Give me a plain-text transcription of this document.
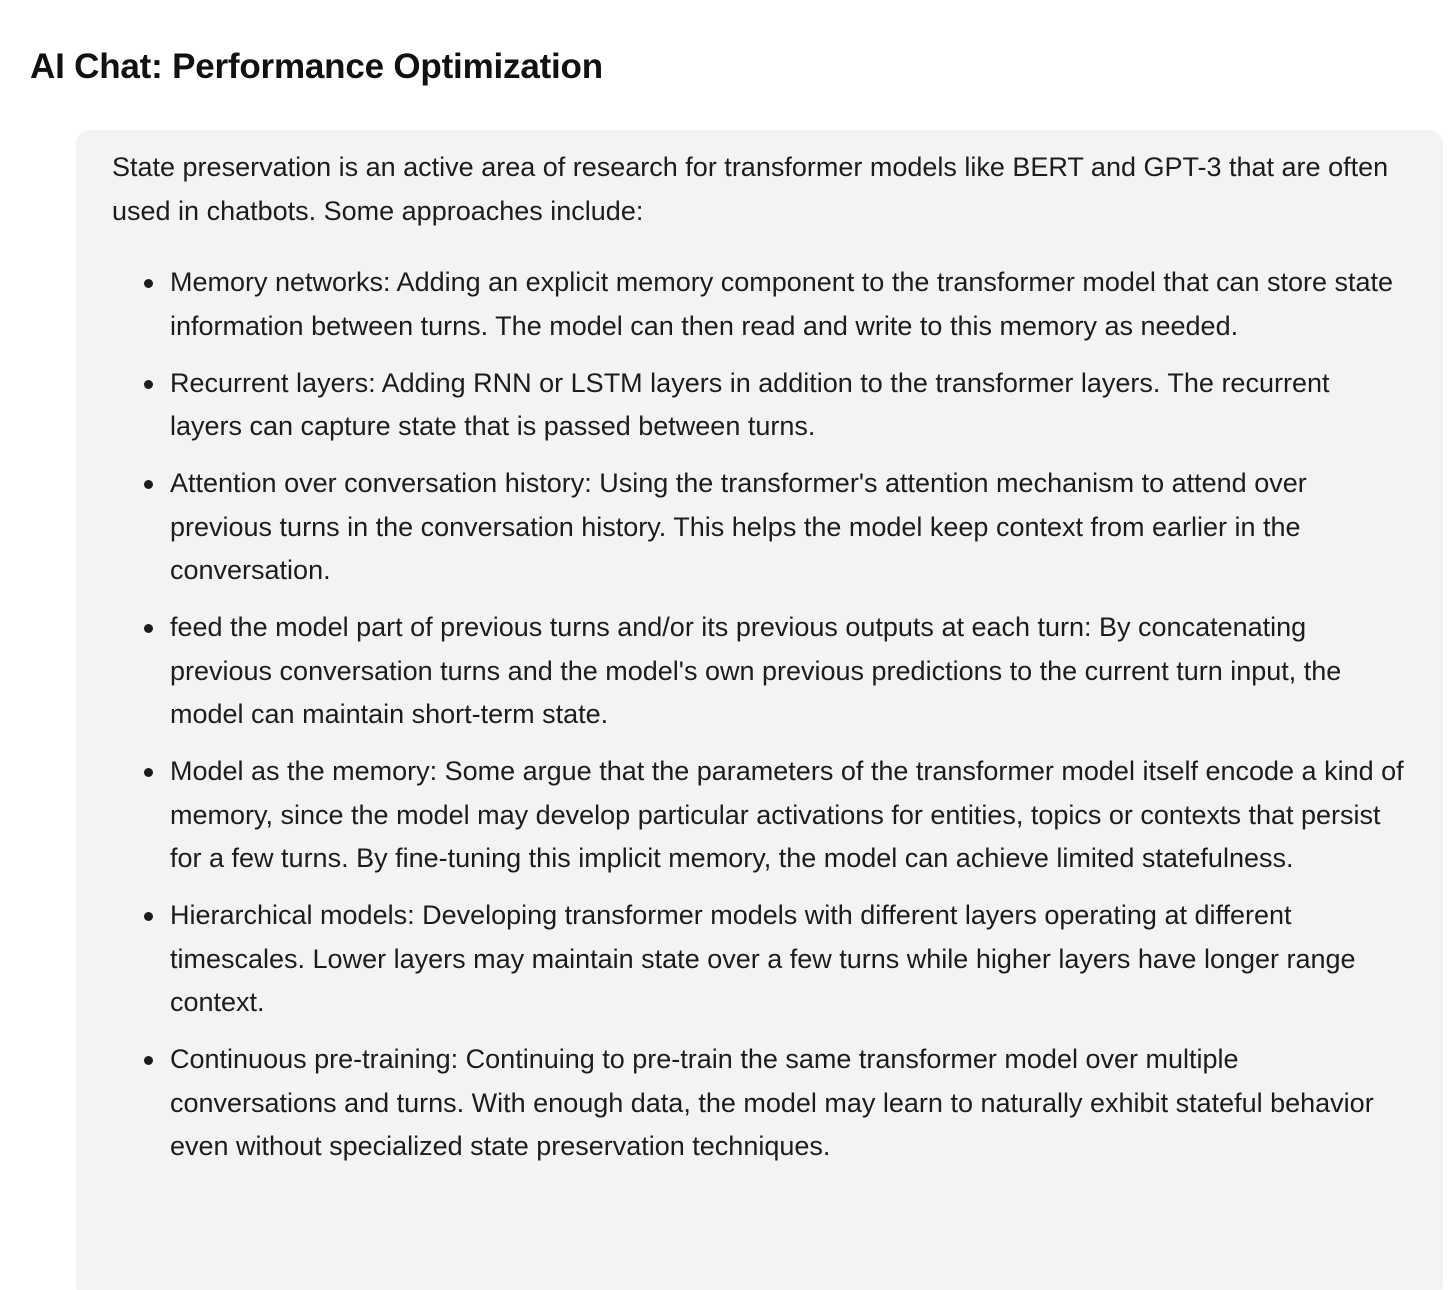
AI Chat: Performance Optimization

State preservation is an active area of research for transformer models like BERT and GPT-3 that are often used in chatbots. Some approaches include:

Memory networks: Adding an explicit memory component to the transformer model that can store state information between turns. The model can then read and write to this memory as needed.
Recurrent layers: Adding RNN or LSTM layers in addition to the transformer layers. The recurrent layers can capture state that is passed between turns.
Attention over conversation history: Using the transformer's attention mechanism to attend over previous turns in the conversation history. This helps the model keep context from earlier in the conversation.
feed the model part of previous turns and/or its previous outputs at each turn: By concatenating previous conversation turns and the model's own previous predictions to the current turn input, the model can maintain short-term state.
Model as the memory: Some argue that the parameters of the transformer model itself encode a kind of memory, since the model may develop particular activations for entities, topics or contexts that persist for a few turns. By fine-tuning this implicit memory, the model can achieve limited statefulness.
Hierarchical models: Developing transformer models with different layers operating at different timescales. Lower layers may maintain state over a few turns while higher layers have longer range context.
Continuous pre-training: Continuing to pre-train the same transformer model over multiple conversations and turns. With enough data, the model may learn to naturally exhibit stateful behavior even without specialized state preservation techniques.
